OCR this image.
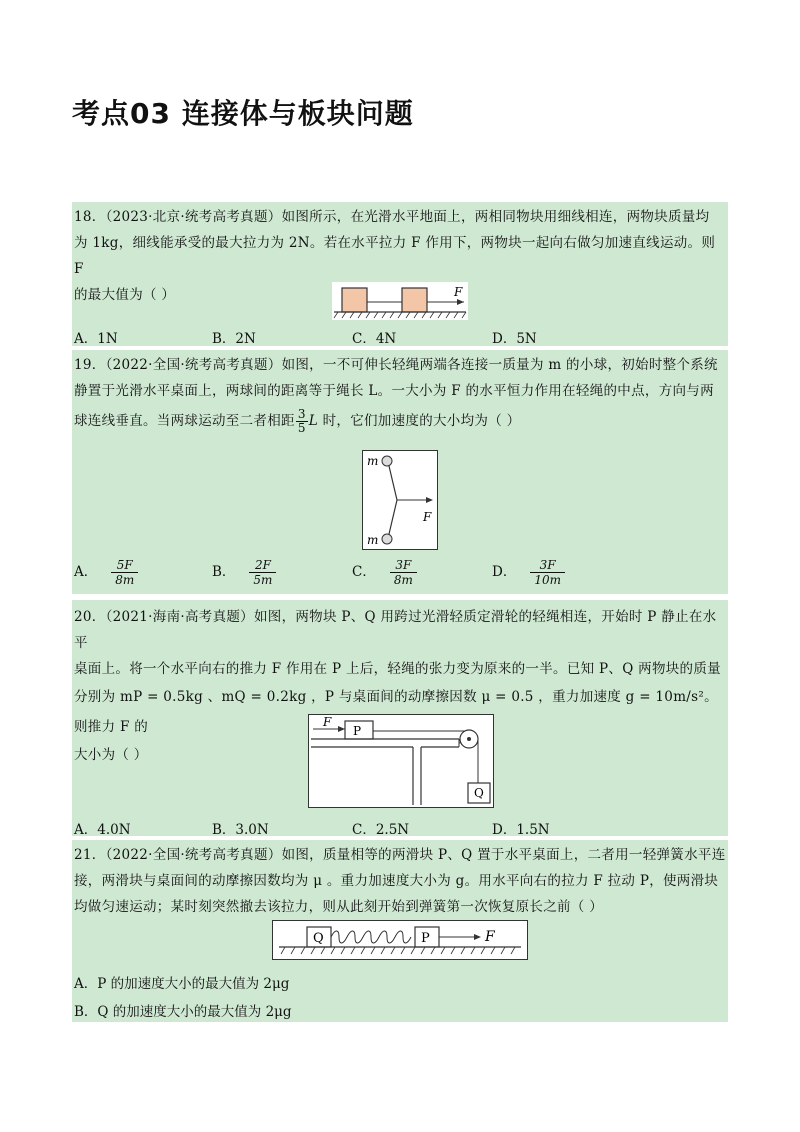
考点03 连接体与板块问题
18．（2023·北京·统考高考真题）如图所示，在光滑水平地面上，两相同物块用细线相连，两物块质量均
为 1kg，细线能承受的最大拉力为 2N。若在水平拉力 F 作用下，两物块一起向右做匀加速直线运动。则 F
的最大值为（ ）	F
A．1N	B．2N	C．4N	D．5N
19．（2022·全国·统考高考真题）如图，一不可伸长轻绳两端各连接一质量为 m 的小球，初始时整个系统
静置于光滑水平桌面上，两球间的距离等于绳长 L。一大小为 F 的水平恒力作用在轻绳的中点，方向与两
球连线垂直。当两球运动至二者相距 $\frac{3}{5}$ L 时，它们加速度的大小均为（ ）
m
m
F
A． $\frac{5F}{8m}$	B． $\frac{2F}{5m}$	C． $\frac{3F}{8m}$	D． $\frac{3F}{10m}$
20．（2021·海南·高考真题）如图，两物块 P、Q 用跨过光滑轻质定滑轮的轻绳相连，开始时 P 静止在水平
桌面上。将一个水平向右的推力 F 作用在 P 上后，轻绳的张力变为原来的一半。已知 P、Q 两物块的质量
分别为 mP = 0.5kg 、mQ = 0.2kg ，P 与桌面间的动摩擦因数 μ = 0.5 ，重力加速度 g = 10m/s²。则推力 F 的
大小为（ ）
F
P
Q
A．4.0N	B．3.0N	C．2.5N	D．1.5N
21．（2022·全国·统考高考真题）如图，质量相等的两滑块 P、Q 置于水平桌面上，二者用一轻弹簧水平连
接，两滑块与桌面间的动摩擦因数均为 μ 。重力加速度大小为 g。用水平向右的拉力 F 拉动 P，使两滑块
均做匀速运动；某时刻突然撤去该拉力，则从此刻开始到弹簧第一次恢复原长之前（ ）
Q	P	F
A．P 的加速度大小的最大值为 2μg
B．Q 的加速度大小的最大值为 2μg
